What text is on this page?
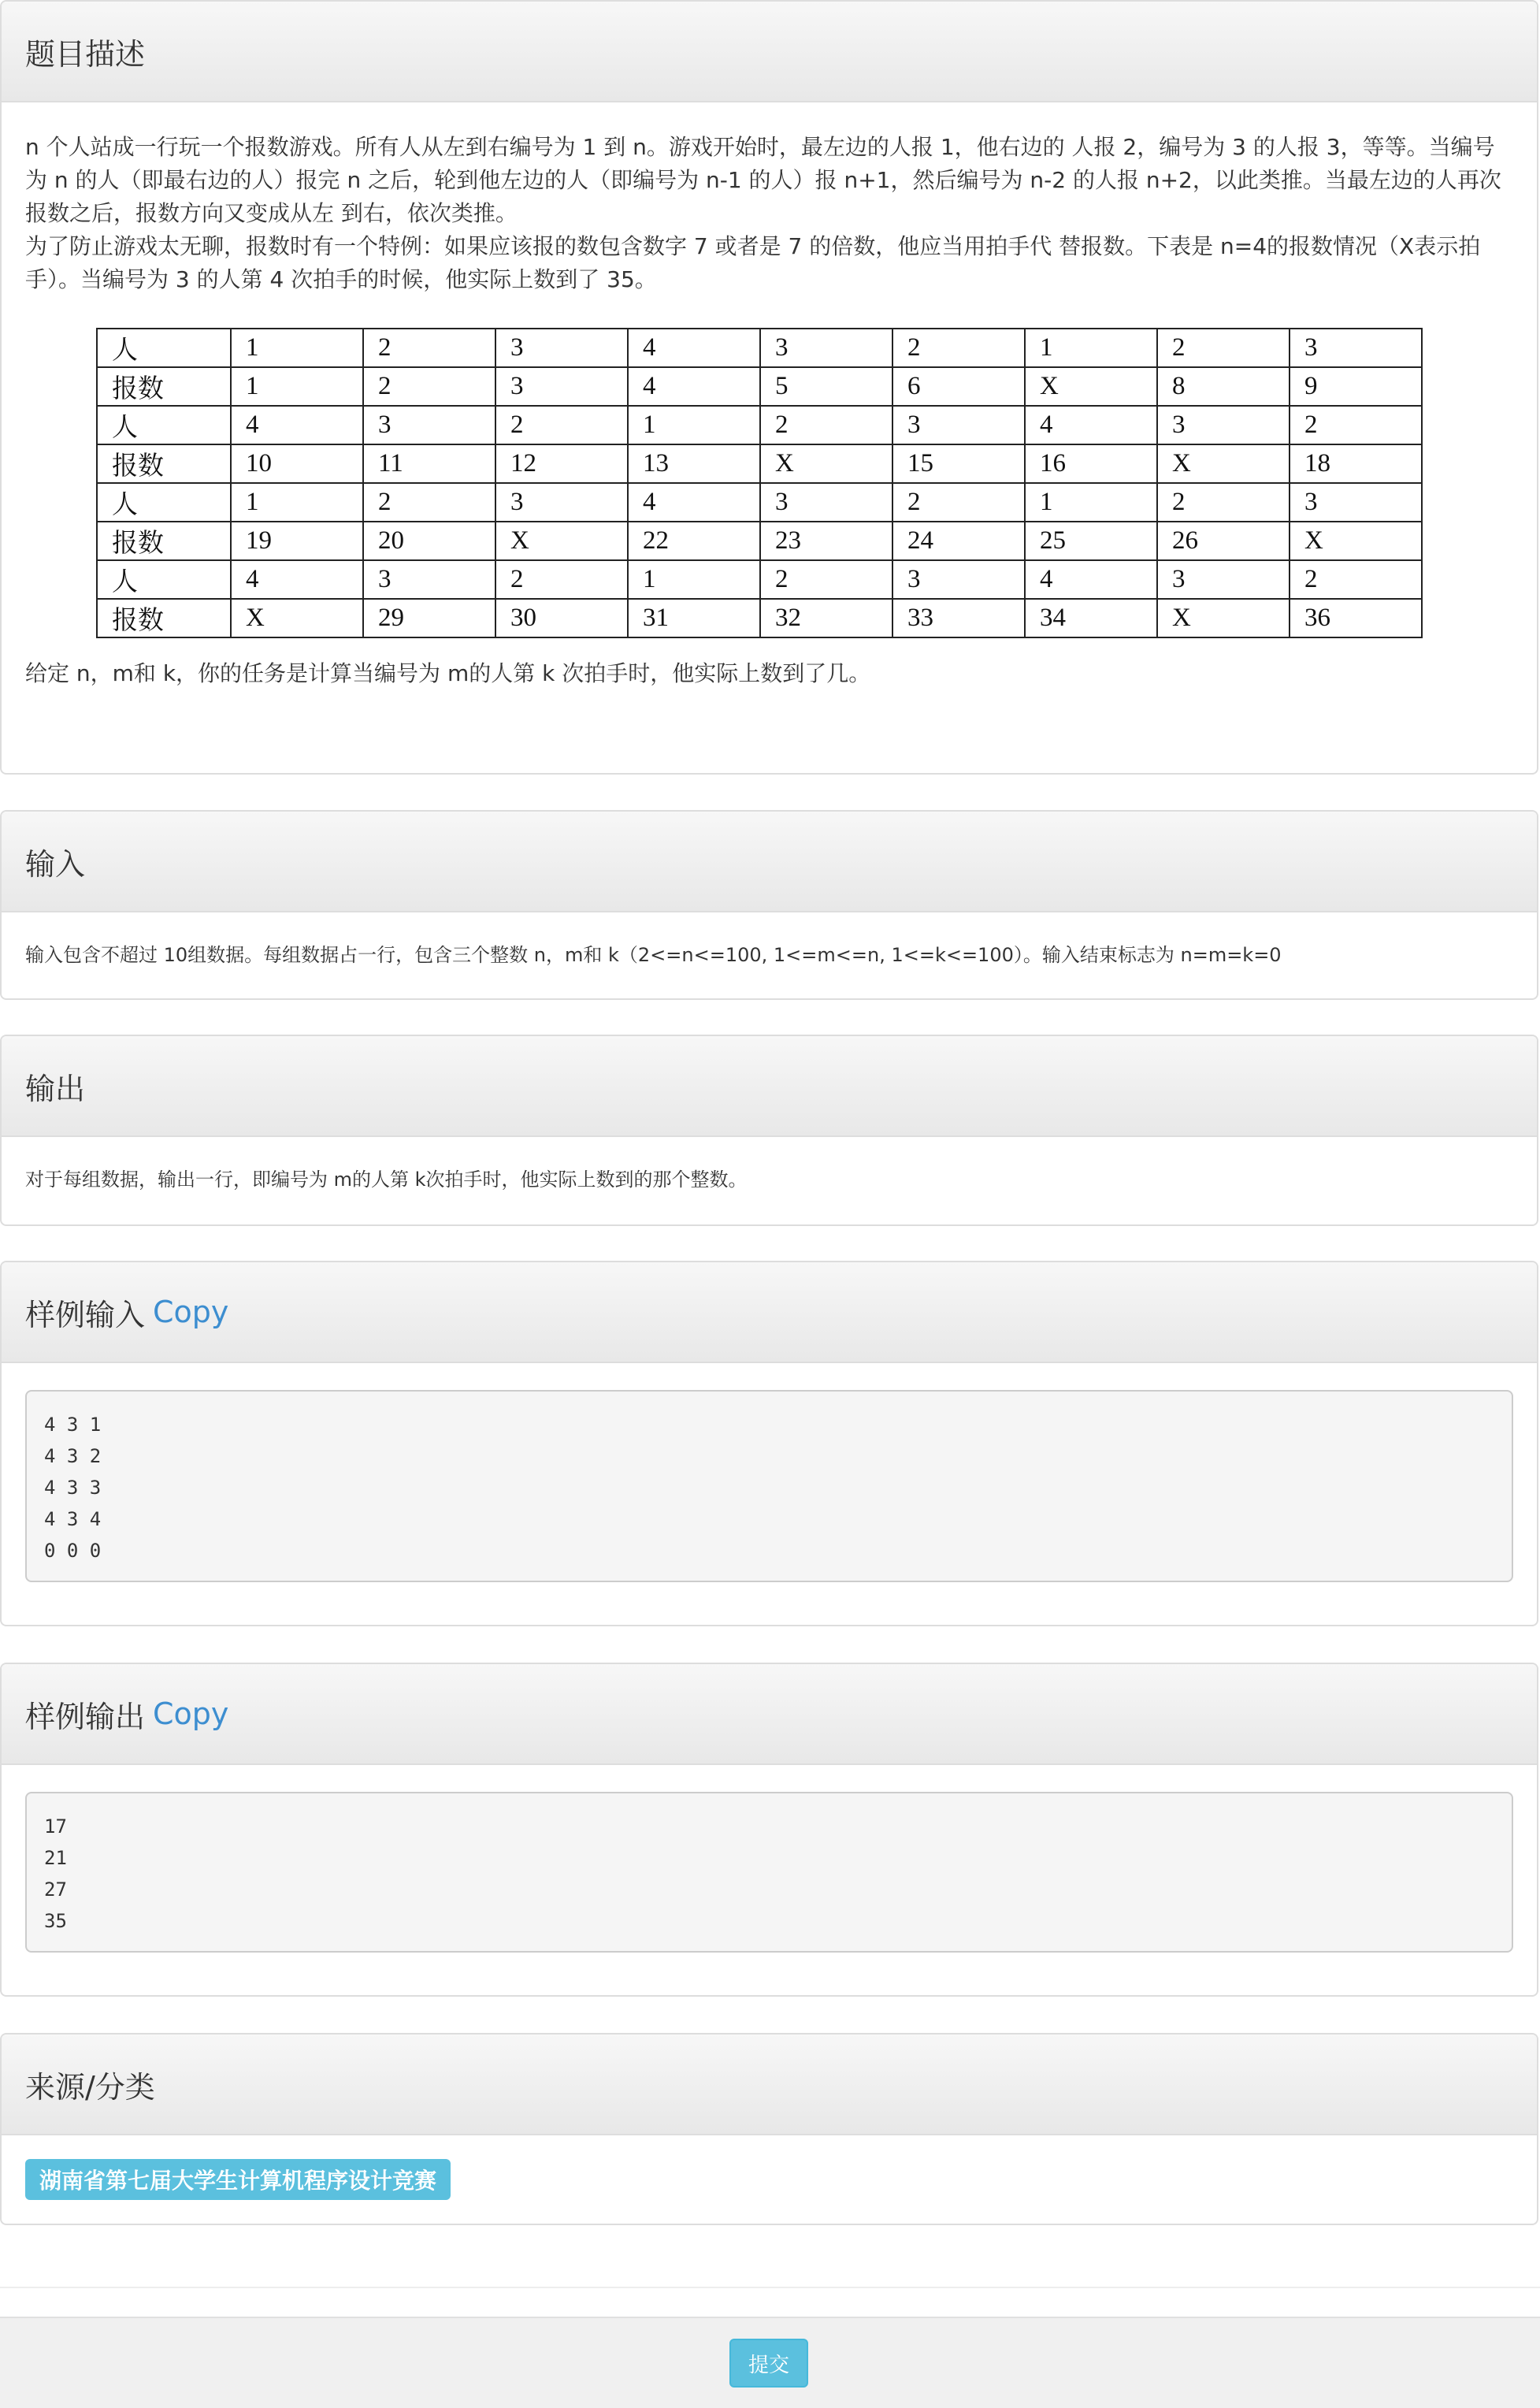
题目描述

n 个人站成一行玩一个报数游戏。所有人从左到右编号为 1 到 n。游戏开始时，最左边的人报 1，他右边的 人报 2，编号为 3 的人报 3，等等。当编号为 n 的人（即最右边的人）报完 n 之后，轮到他左边的人（即编号为 n-1 的人）报 n+1，然后编号为 n-2 的人报 n+2，以此类推。当最左边的人再次报数之后，报数方向又变成从左 到右，依次类推。

为了防止游戏太无聊，报数时有一个特例：如果应该报的数包含数字 7 或者是 7 的倍数，他应当用拍手代 替报数。下表是 n=4的报数情况（X表示拍手）。当编号为 3 的人第 4 次拍手的时候，他实际上数到了 35。

人	1	2	3	4	3	2	1	2	3
报数	1	2	3	4	5	6	X	8	9
人	4	3	2	1	2	3	4	3	2
报数	10	11	12	13	X	15	16	X	18
人	1	2	3	4	3	2	1	2	3
报数	19	20	X	22	23	24	25	26	X
人	4	3	2	1	2	3	4	3	2
报数	X	29	30	31	32	33	34	X	36

给定 n，m和 k，你的任务是计算当编号为 m的人第 k 次拍手时，他实际上数到了几。

输入

输入包含不超过 10组数据。每组数据占一行，包含三个整数 n，m和 k（2<=n<=100, 1<=m<=n, 1<=k<=100）。输入结束标志为 n=m=k=0

输出

对于每组数据，输出一行，即编号为 m的人第 k次拍手时，他实际上数到的那个整数。

样例输入 Copy
4 3 1
4 3 2
4 3 3
4 3 4
0 0 0
样例输出 Copy
17
21
27
35
来源/分类
湖南省第七届大学生计算机程序设计竞赛
提交
